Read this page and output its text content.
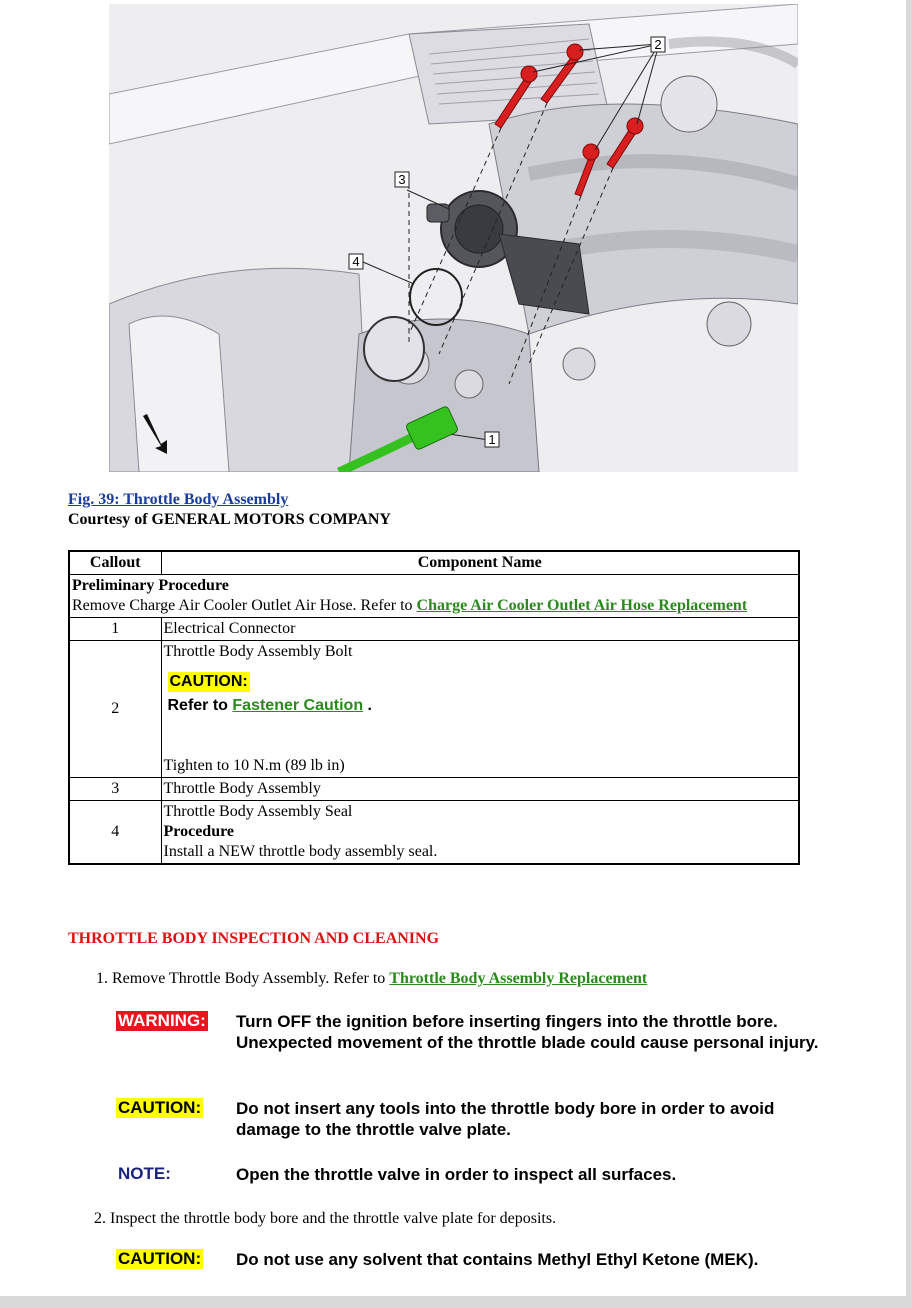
2
3
4
1
Fig. 39: Throttle Body Assembly
Courtesy of GENERAL MOTORS COMPANY
Callout	Component Name

Preliminary Procedure
Remove Charge Air Cooler Outlet Air Hose. Refer to Charge Air Cooler Outlet Air Hose Replacement	
1	Electrical Connector
2	Throttle Body Assembly Bolt
CAUTION:
Refer to Fastener Caution .
Tighten to 10 N.m (89 lb in)

3	Throttle Body Assembly
4	Throttle Body Assembly Seal
Procedure
Install a NEW throttle body assembly seal.
THROTTLE BODY INSPECTION AND CLEANING
1. Remove Throttle Body Assembly. Refer to Throttle Body Assembly Replacement
WARNING: Turn OFF the ignition before inserting fingers into the throttle bore. Unexpected movement of the throttle blade could cause personal injury.
CAUTION: Do not insert any tools into the throttle body bore in order to avoid damage to the throttle valve plate.
NOTE:	Open the throttle valve in order to inspect all surfaces.
2. Inspect the throttle body bore and the throttle valve plate for deposits.
CAUTION: Do not use any solvent that contains Methyl Ethyl Ketone (MEK).
